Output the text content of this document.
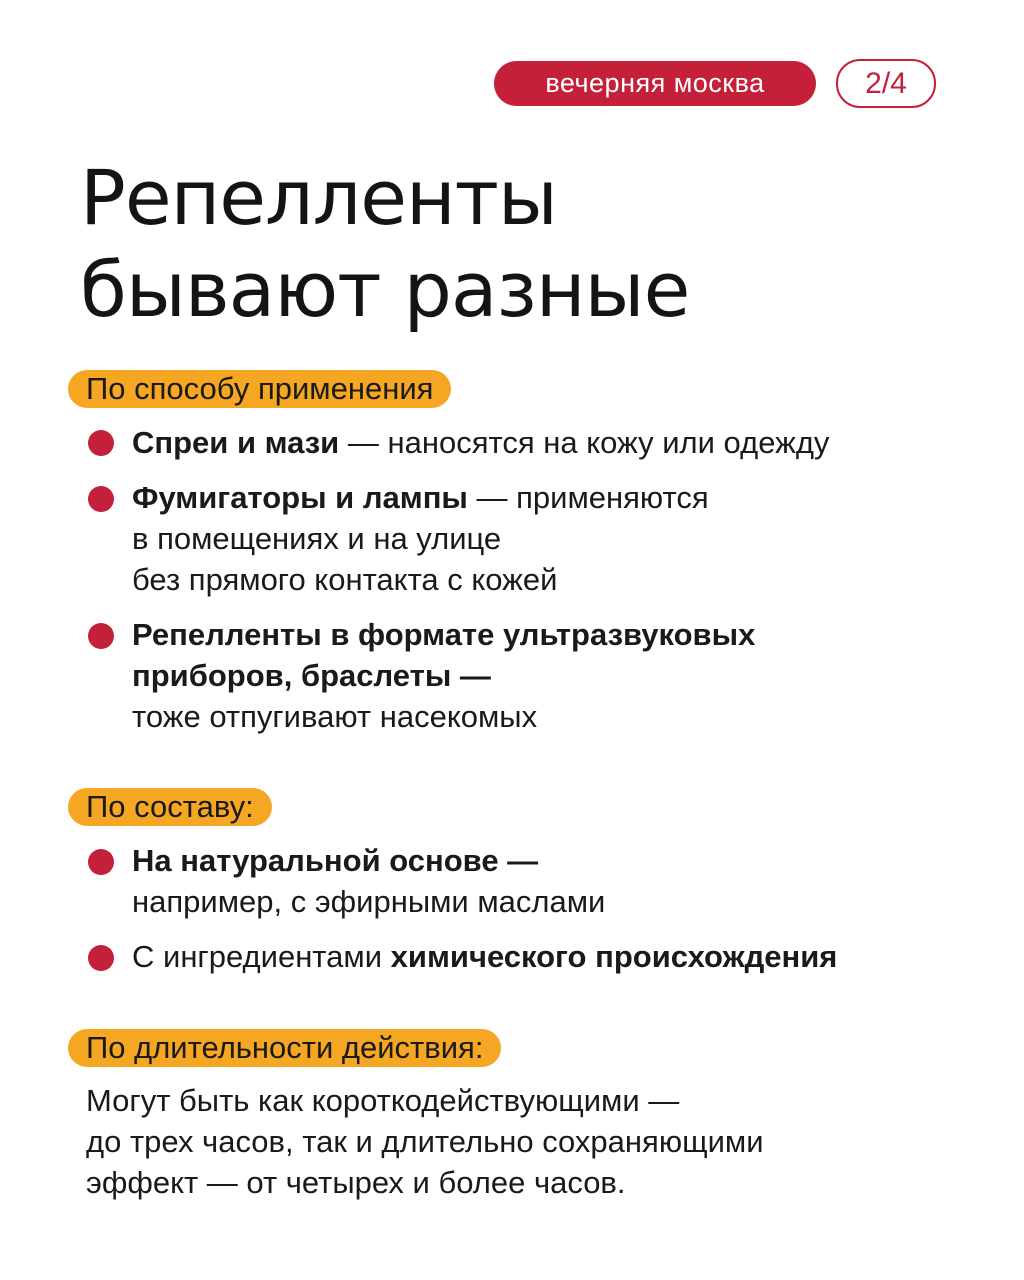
вечерняя москва	2/4
Репелленты
бывают разные
По способу применения
Спреи и мази — наносятся на кожу или одежду
Фумигаторы и лампы — применяются
в помещениях и на улице
без прямого контакта с кожей
Репелленты в формате ультразвуковых
приборов, браслеты —
тоже отпугивают насекомых
По составу:
На натуральной основе —
например, с эфирными маслами
С ингредиентами химического происхождения
По длительности действия:
Могут быть как короткодействующими —
до трех часов, так и длительно сохраняющими
эффект — от четырех и более часов.
